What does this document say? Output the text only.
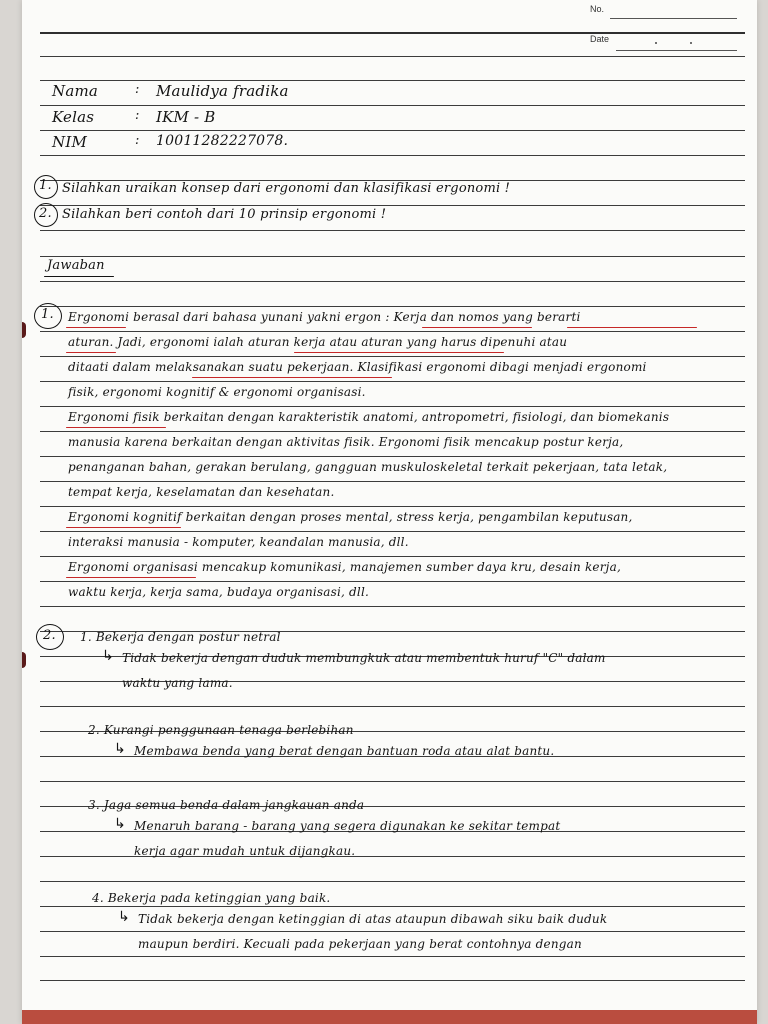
No.
Date
Nama	: Maulidya fradika
Kelas	: IKM - B
NIM	: 10011282227078.
1. Silahkan uraikan konsep dari ergonomi dan klasifikasi ergonomi !
2. Silahkan beri contoh dari 10 prinsip ergonomi !
Jawaban
1. Ergonomi berasal dari bahasa yunani yakni ergon : Kerja dan nomos yang berarti
aturan. Jadi, ergonomi ialah aturan kerja atau aturan yang harus dipenuhi atau
ditaati dalam melaksanakan suatu pekerjaan. Klasifikasi ergonomi dibagi menjadi ergonomi
fisik, ergonomi kognitif & ergonomi organisasi.
Ergonomi fisik berkaitan dengan karakteristik anatomi, antropometri, fisiologi, dan biomekanis
manusia karena berkaitan dengan aktivitas fisik. Ergonomi fisik mencakup postur kerja,
penanganan bahan, gerakan berulang, gangguan muskuloskeletal terkait pekerjaan, tata letak,
tempat kerja, keselamatan dan kesehatan.
Ergonomi kognitif berkaitan dengan proses mental, stress kerja, pengambilan keputusan,
interaksi manusia - komputer, keandalan manusia, dll.
Ergonomi organisasi mencakup komunikasi, manajemen sumber daya kru, desain kerja,
waktu kerja, kerja sama, budaya organisasi, dll.
2. 1. Bekerja dengan postur netral
↳ Tidak bekerja dengan duduk membungkuk atau membentuk huruf "C" dalam
waktu yang lama.
2. Kurangi penggunaan tenaga berlebihan
↳ Membawa benda yang berat dengan bantuan roda atau alat bantu.
3. Jaga semua benda dalam jangkauan anda
↳ Menaruh barang - barang yang segera digunakan ke sekitar tempat
kerja agar mudah untuk dijangkau.
4. Bekerja pada ketinggian yang baik.
↳ Tidak bekerja dengan ketinggian di atas ataupun dibawah siku baik duduk
maupun berdiri. Kecuali pada pekerjaan yang berat contohnya dengan
